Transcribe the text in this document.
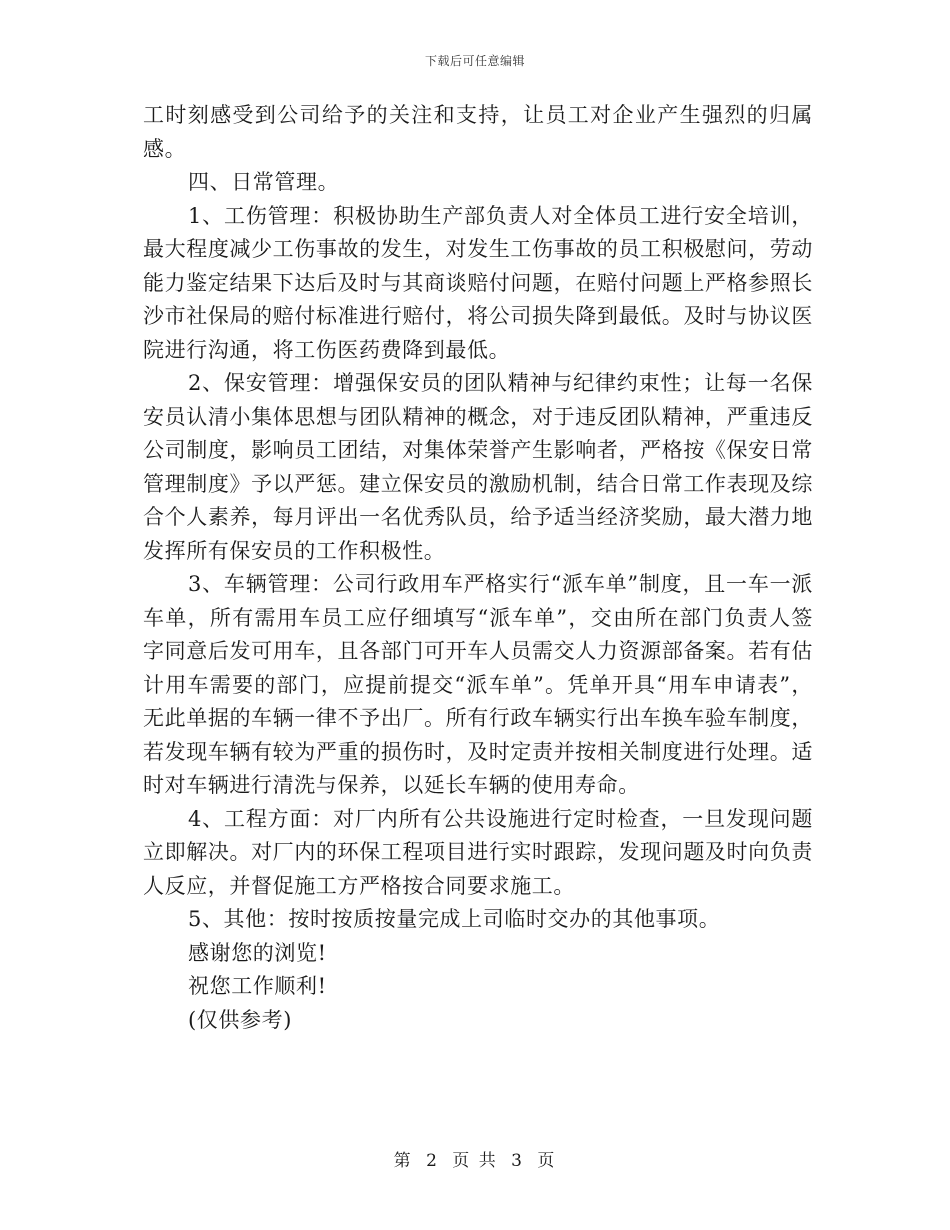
下载后可任意编辑

工时刻感受到公司给予的关注和支持，让员工对企业产生强烈的归属感。

四、日常管理。

1、工伤管理：积极协助生产部负责人对全体员工进行安全培训，最大程度减少工伤事故的发生，对发生工伤事故的员工积极慰问，劳动能力鉴定结果下达后及时与其商谈赔付问题，在赔付问题上严格参照长沙市社保局的赔付标准进行赔付，将公司损失降到最低。及时与协议医院进行沟通，将工伤医药费降到最低。

2、保安管理：增强保安员的团队精神与纪律约束性；让每一名保安员认清小集体思想与团队精神的概念，对于违反团队精神，严重违反公司制度，影响员工团结，对集体荣誉产生影响者，严格按《保安日常管理制度》予以严惩。建立保安员的激励机制，结合日常工作表现及综合个人素养，每月评出一名优秀队员，给予适当经济奖励，最大潜力地发挥所有保安员的工作积极性。

3、车辆管理：公司行政用车严格实行“派车单”制度，且一车一派车单，所有需用车员工应仔细填写“派车单”，交由所在部门负责人签字同意后发可用车，且各部门可开车人员需交人力资源部备案。若有估计用车需要的部门，应提前提交“派车单”。凭单开具“用车申请表”，无此单据的车辆一律不予出厂。所有行政车辆实行出车换车验车制度，若发现车辆有较为严重的损伤时，及时定责并按相关制度进行处理。适时对车辆进行清洗与保养，以延长车辆的使用寿命。

4、工程方面：对厂内所有公共设施进行定时检查，一旦发现问题立即解决。对厂内的环保工程项目进行实时跟踪，发现问题及时向负责人反应，并督促施工方严格按合同要求施工。

5、其他：按时按质按量完成上司临时交办的其他事项。

感谢您的浏览!

祝您工作顺利!

(仅供参考)

第 2 页 共 3 页
